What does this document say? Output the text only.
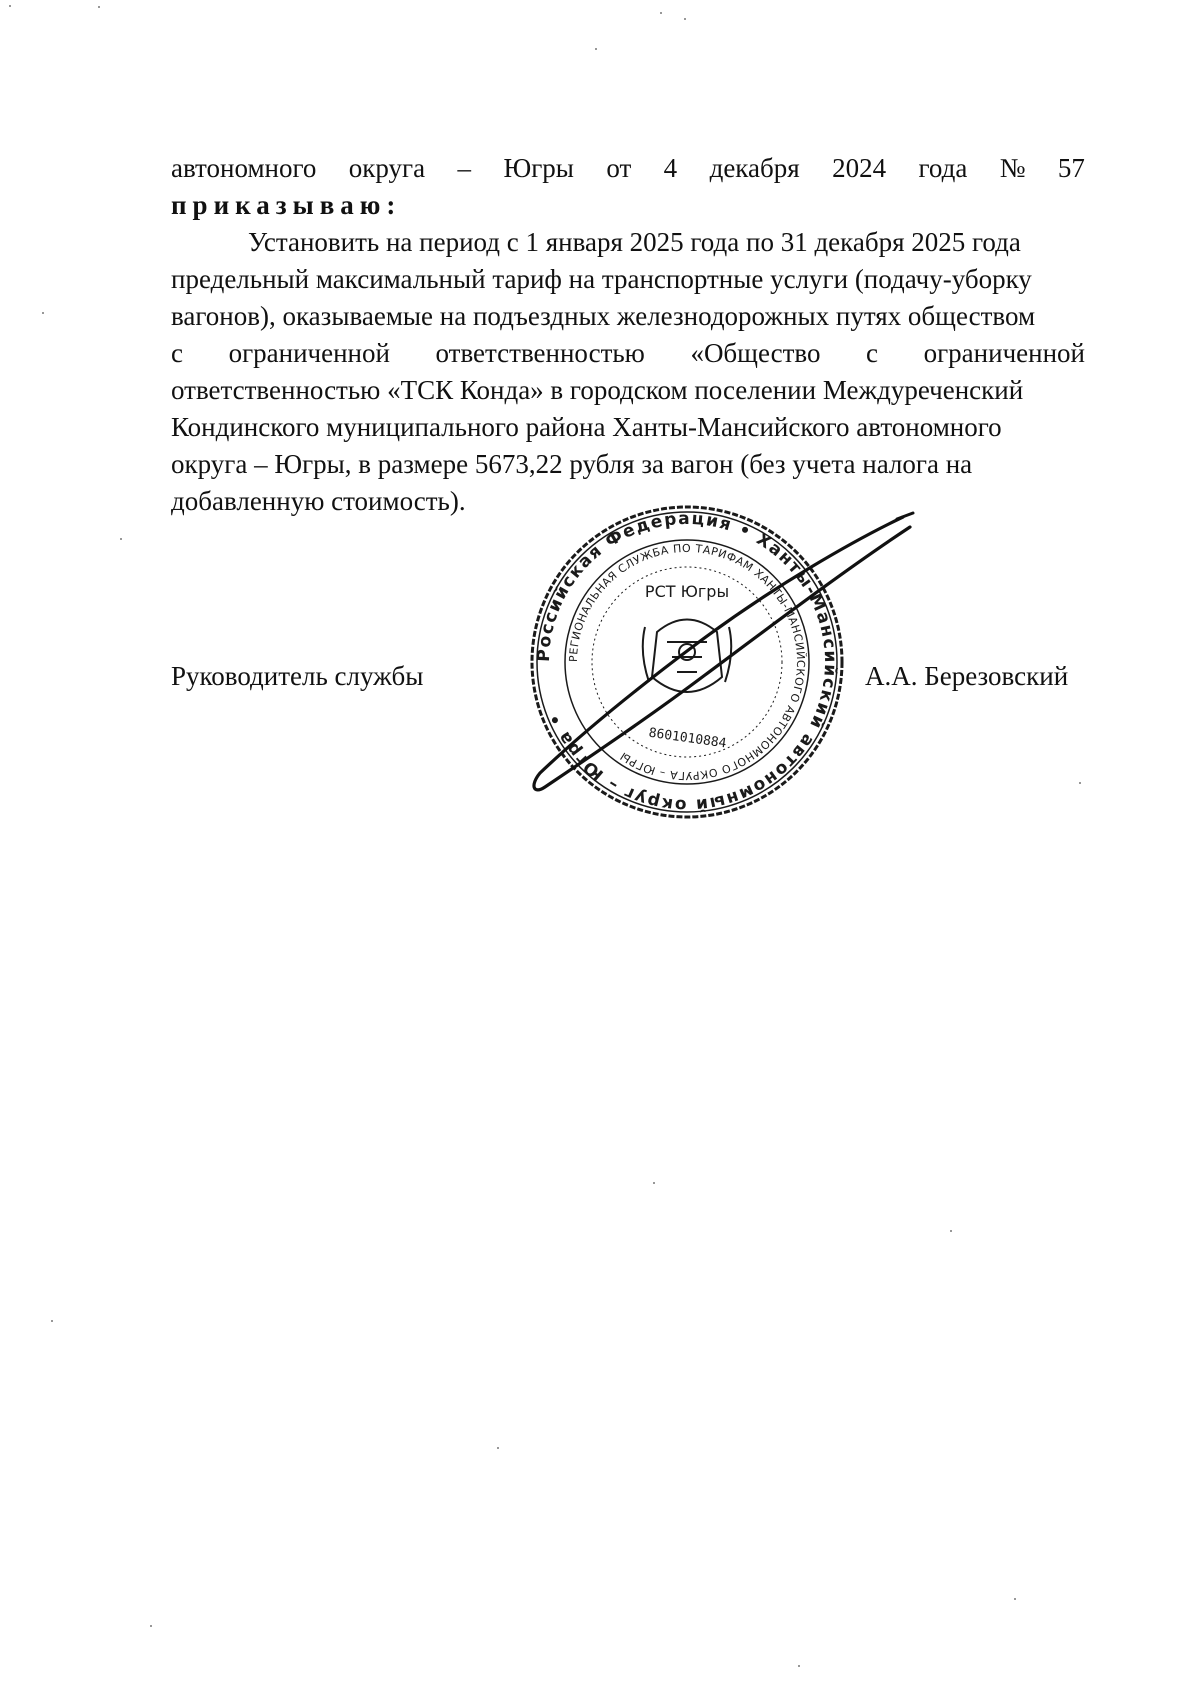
автономного округа – Югры от 4 декабря 2024 года № 57
приказываю:
Установить на период с 1 января 2025 года по 31 декабря 2025 года
предельный максимальный тариф на транспортные услуги (подачу-уборку
вагонов), оказываемые на подъездных железнодорожных путях обществом
с ограниченной ответственностью «Общество с ограниченной
ответственностью «ТСК Конда» в городском поселении Междуреченский
Кондинского муниципального района Ханты-Мансийского автономного
округа – Югры, в размере 5673,22 рубля за вагон (без учета налога на
добавленную стоимость).
Руководитель службы	А.А. Березовский
Российская Федерация • Ханты-Мансийский автономный округ – Югра •
РЕГИОНАЛЬНАЯ СЛУЖБА ПО ТАРИФАМ ХАНТЫ-МАНСИЙСКОГО АВТОНОМНОГО ОКРУГА – ЮГРЫ
РСТ Югры
8601010884
